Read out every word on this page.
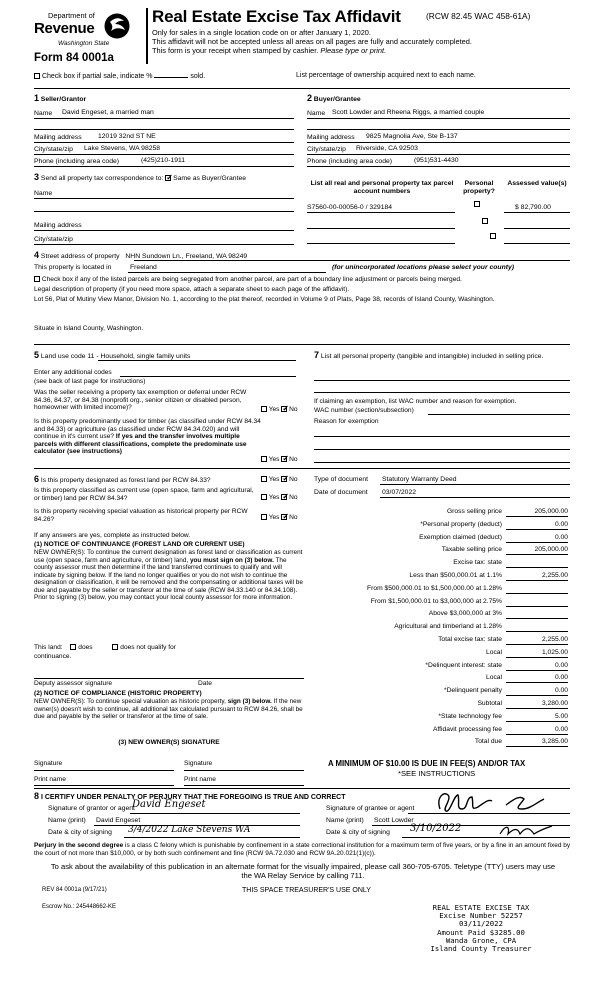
Department of
Revenue
Washington State
Form 84 0001a
Real Estate Excise Tax Affidavit	(RCW 82.45 WAC 458-61A)
Only for sales in a single location code on or after January 1, 2020.
This affidavit will not be accepted unless all areas on all pages are fully and accurately completed.
This form is your receipt when stamped by cashier. Please type or print.
Check box if partial sale, indicate %	sold.	List percentage of ownership acquired next to each name.
1 Seller/Grantor
Name David Engeset, a married man
Mailing address 12019 32nd ST NE
City/state/zip Lake Stevens, WA 98258
Phone (including area code)	(425)210-1911
2 Buyer/Grantee
Name Scott Lowder and Rheena Riggs, a married couple
Mailing address 9825 Magnolia Ave, Ste B-137
City/state/zip Riverside, CA 92503
Phone (including area code)	(951)531-4430
3 Send all property tax correspondence to: ✓ Same as Buyer/Grantee
Name
Mailing address
City/state/zip
List all real and personal property tax parcel account numbers
Personal property?
Assessed value(s)
S7560-00-00056-0 / 329184
	$ 82,790.00
4 Street address of property NHN Sundown Ln., Freeland, WA 98249
This property is located in	Freeland	(for unincorporated locations please select your county)
Check box if any of the listed parcels are being segregated from another parcel, are part of a boundary line adjustment or parcels being merged.
Legal description of property (if you need more space, attach a separate sheet to each page of the affidavit).
Lot 56, Plat of Mutiny View Manor, Division No. 1, according to the plat thereof, recorded in Volume 9 of Plats, Page 38, records of Island County, Washington.
Situate in Island County, Washington.
5 Land use code 11 - Household, single family units
Enter any additional codes
(see back of last page for instructions)
Was the seller receiving a property tax exemption or deferral under RCW 84.36, 84.37, or 84.38 (nonprofit org., senior citizen or disabled person, homeowner with limited income)?	Yes ✓ No
Is this property predominantly used for timber (as classified under RCW 84.34 and 84.33) or agriculture (as classified under RCW 84.34.020) and will continue in it's current use? If yes and the transfer involves multiple parcels with different classifications, complete the predominate use calculator (see instructions)
Yes ✓ No
7 List all personal property (tangible and intangible) included in selling price.
If claiming an exemption, list WAC number and reason for exemption.
WAC number (section/subsection)
Reason for exemption
6 Is this property designated as forest land per RCW 84.33?	Yes ✓ No
Is this property classified as current use (open space, farm and agricultural, or timber) land per RCW 84.34?	Yes ✓ No
Is this property receiving special valuation as historical property per RCW 84.26?	Yes ✓ No
If any answers are yes, complete as instructed below.
(1) NOTICE OF CONTINUANCE (FOREST LAND OR CURRENT USE)
NEW OWNER(S): To continue the current designation as forest land or classification as current use (open space, farm and agriculture, or timber) land, you must sign on (3) below. The county assessor must then determine if the land transferred continues to qualify and will indicate by signing below. If the land no longer qualifies or you do not wish to continue the designation or classification, it will be removed and the compensating or additional taxes will be due and payable by the seller or transferor at the time of sale (RCW 84.33.140 or 84.34.108). Prior to signing (3) below, you may contact your local county assessor for more information.
This land: does	does not qualify for
continuance.
Deputy assessor signature	Date
(2) NOTICE OF COMPLIANCE (HISTORIC PROPERTY)
NEW OWNER(S): To continue special valuation as historic property, sign (3) below. If the new owner(s) doesn't wish to continue, all additional tax calculated pursuant to RCW 84.26, shall be due and payable by the seller or transferor at the time of sale.
(3) NEW OWNER(S) SIGNATURE
Signature	Signature
Print name	Print name
Type of document Statutory Warranty Deed
Date of document 03/07/2022
Gross selling price	205,000.00
*Personal property (deduct)	0.00
Exemption claimed (deduct)	0.00
Taxable selling price	205,000.00
Excise tax: state
Less than $500,000.01 at 1.1%	2,255.00
From $500,000.01 to $1,500,000.00 at 1.28%
From $1,500,000.01 to $3,000,000 at 2.75%
Above $3,000,000 at 3%
Agricultural and timberland at 1.28%
Total excise tax: state	2,255.00
Local	1,025.00
*Delinquent interest: state	0.00
Local	0.00
*Delinquent penalty	0.00
Subtotal	3,280.00
*State technology fee	5.00
Affidavit processing fee	0.00
Total due	3,285.00
A MINIMUM OF $10.00 IS DUE IN FEE(S) AND/OR TAX
*SEE INSTRUCTIONS
8 I CERTIFY UNDER PENALTY OF PERJURY THAT THE FOREGOING IS TRUE AND CORRECT
Signature of grantor or agent
David Engeset
Name (print) David Engeset
Date & city of signing 3/4/2022 Lake Stevens WA
Signature of grantee or agent
Name (print) Scott Lowder
Date & city of signing 3/10/2022
Perjury in the second degree is a class C felony which is punishable by confinement in a state correctional institution for a maximum term of five years, or by a fine in an amount fixed by the court of not more than $10,000, or by both such confinement and fine (RCW 9A.72.030 and RCW 9A.20.021(1)(c)).
To ask about the availability of this publication in an alternate format for the visually impaired, please call 360-705-6705. Teletype (TTY) users may use the WA Relay Service by calling 711.
REV 84 0001a (9/17/21)	THIS SPACE TREASURER'S USE ONLY
Escrow No.: 245448662-KE	REAL ESTATE EXCISE TAX
Excise Number 52257
03/11/2022
Amount Paid $3285.00
Wanda Grone, CPA
Island County Treasurer
